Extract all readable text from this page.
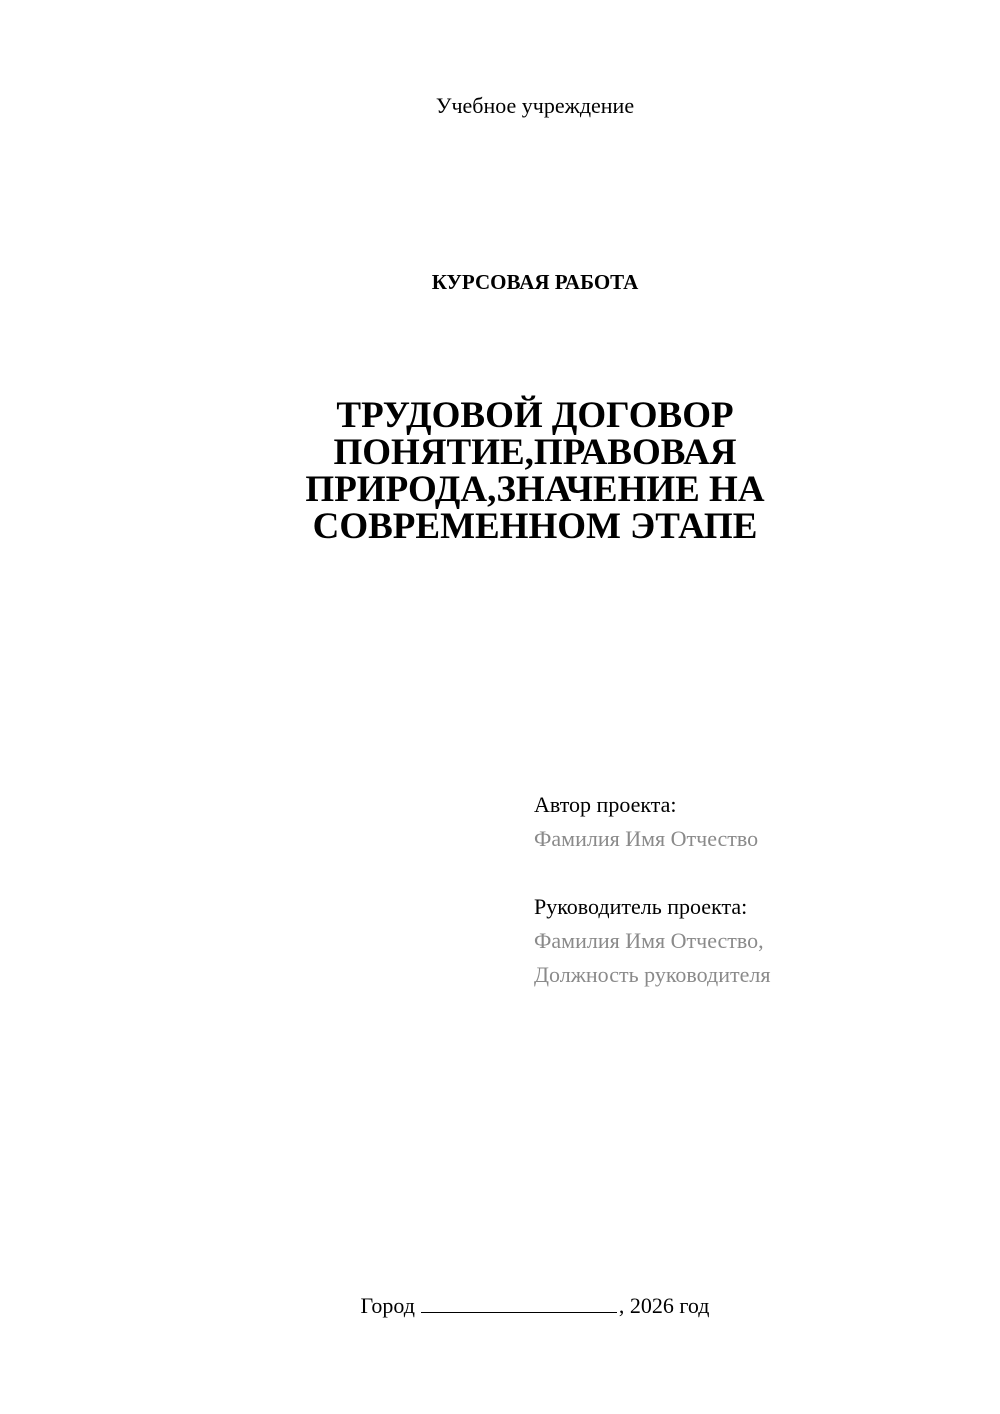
Учебное учреждение
КУРСОВАЯ РАБОТА
ТРУДОВОЙ ДОГОВОР
ПОНЯТИЕ,ПРАВОВАЯ
ПРИРОДА,ЗНАЧЕНИЕ НА
СОВРЕМЕННОМ ЭТАПЕ
Автор проекта:
Фамилия Имя Отчество
Руководитель проекта:
Фамилия Имя Отчество,
Должность руководителя
Город	, 2026 год
